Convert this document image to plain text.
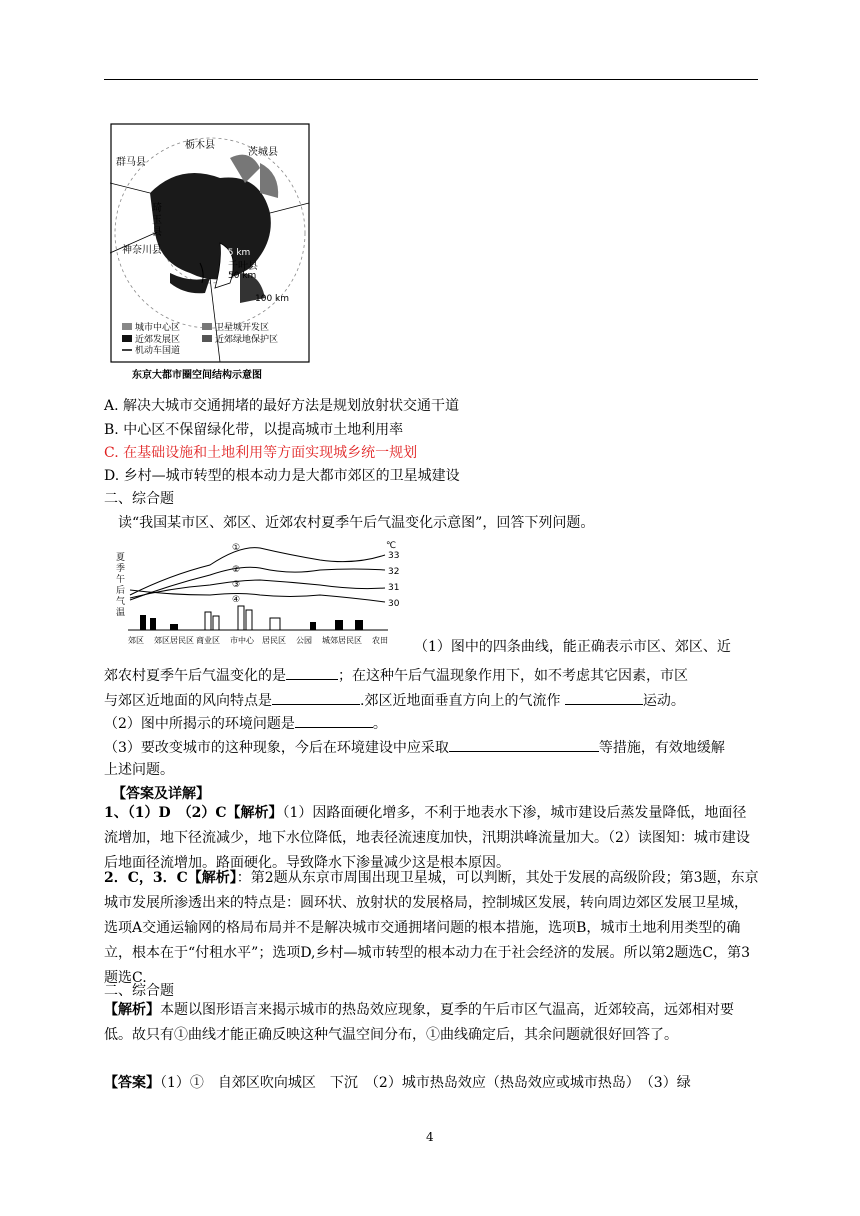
栃木县
茨城县
群马县
琦
玉
县
神奈川县	15 km
千叶县
50 km
100 km
城市中心区	卫星城开发区
近郊发展区	近郊绿地保护区
机动车国道
东京大都市圈空间结构示意图
A. 解决大城市交通拥堵的最好方法是规划放射状交通干道
B. 中心区不保留绿化带，以提高城市土地利用率
C. 在基础设施和土地利用等方面实现城乡统一规划
D. 乡村—城市转型的根本动力是大都市郊区的卫星城建设
二、综合题
读“我国某市区、郊区、近郊农村夏季午后气温变化示意图”，回答下列问题。
夏
季
午
后
气
温
℃
33
32
31
30
①
②
③
④
郊区 郊区居民区 商业区 市中心 居民区 公园 城郊居民区 农田 （1）图中的四条曲线，能正确表示市区、郊区、近
郊农村夏季午后气温变化的是	；在这种午后气温现象作用下，如不考虑其它因素，市区
与郊区近地面的风向特点是	.郊区近地面垂直方向上的气流作	运动。
（2）图中所揭示的环境问题是	。
（3）要改变城市的这种现象，今后在环境建设中应采取	等措施，有效地缓解
上述问题。
【答案及详解】
1、（1）D　（2）C【解析】（1）因路面硬化增多，不利于地表水下渗，城市建设后蒸发量降低，地面径流增加，地下径流减少，地下水位降低，地表径流速度加快，汛期洪峰流量加大。（2）读图知：城市建设后地面径流增加。路面硬化。导致降水下渗量减少这是根本原因。
2．C，3．C【解析】：第2题从东京市周围出现卫星城，可以判断，其处于发展的高级阶段；第3题，东京城市发展所渗透出来的特点是：圆环状、放射状的发展格局，控制城区发展，转向周边郊区发展卫星城，选项A交通运输网的格局布局并不是解决城市交通拥堵问题的根本措施，选项B，城市土地利用类型的确立，根本在于“付租水平”；选项D,乡村—城市转型的根本动力在于社会经济的发展。所以第2题选C，第3题选C.
二、综合题
【解析】本题以图形语言来揭示城市的热岛效应现象，夏季的午后市区气温高，近郊较高，远郊相对要低。故只有①曲线才能正确反映这种气温空间分布，①曲线确定后，其余问题就很好回答了。
【答案】（1）①　自郊区吹向城区　下沉　（2）城市热岛效应（热岛效应或城市热岛）　（3）绿
4
